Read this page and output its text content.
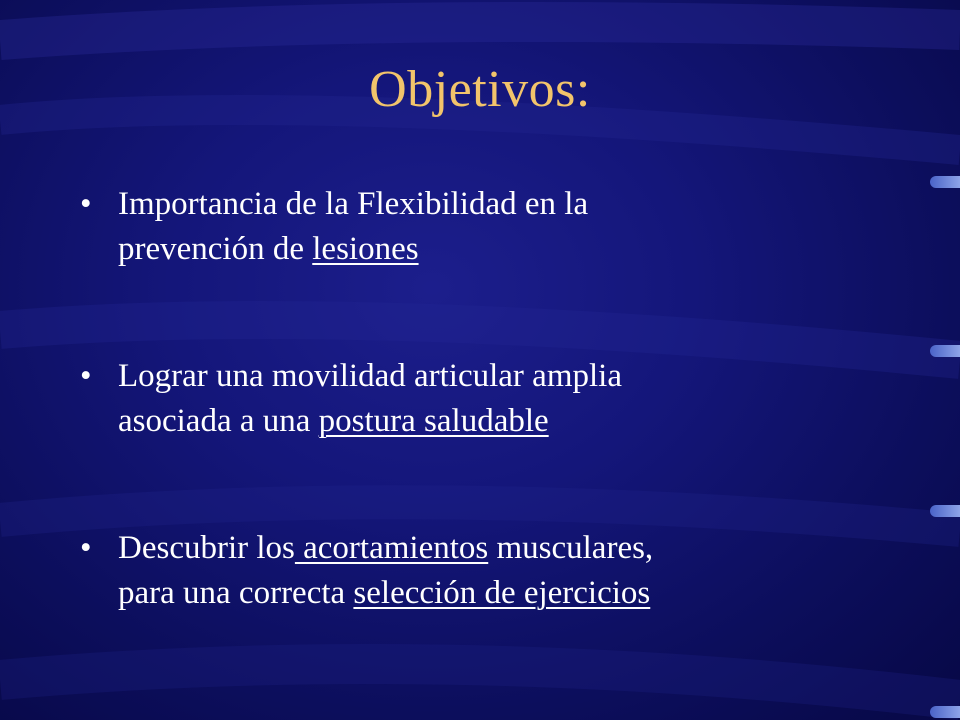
Objetivos:
• Importancia de la Flexibilidad en la
prevención de lesiones
• Lograr una movilidad articular amplia
asociada a una postura saludable
• Descubrir los acortamientos musculares,
para una correcta selección de ejercicios
